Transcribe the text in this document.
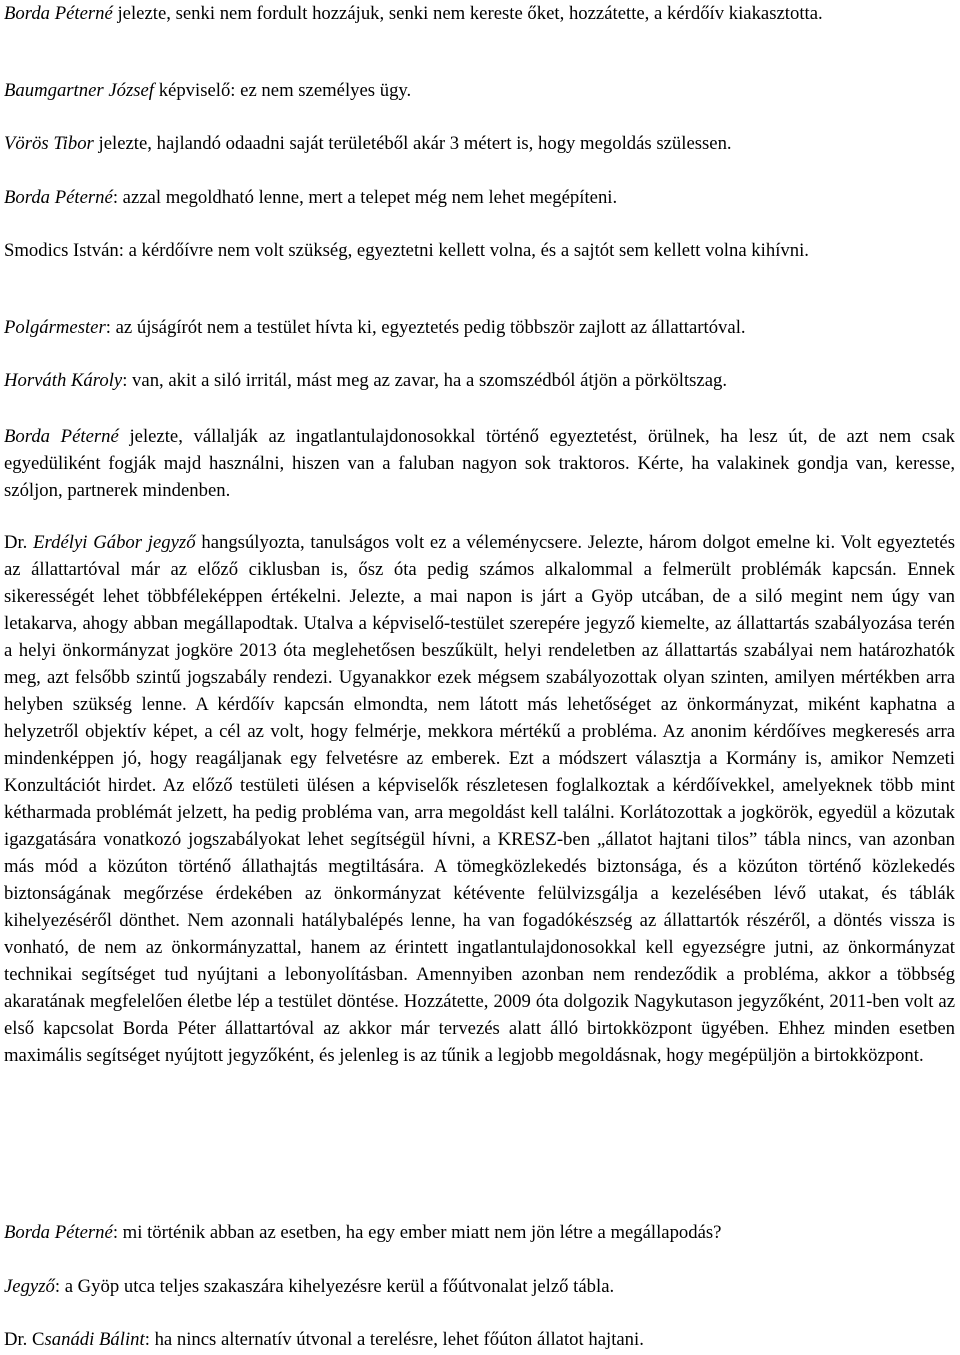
Borda Péterné jelezte, senki nem fordult hozzájuk, senki nem kereste őket, hozzátette, a kérdőív kiakasztotta.

Baumgartner József képviselő: ez nem személyes ügy.

Vörös Tibor jelezte, hajlandó odaadni saját területéből akár 3 métert is, hogy megoldás szülessen.

Borda Péterné: azzal megoldható lenne, mert a telepet még nem lehet megépíteni.

Smodics István: a kérdőívre nem volt szükség, egyeztetni kellett volna, és a sajtót sem kellett volna kihívni.

Polgármester: az újságírót nem a testület hívta ki, egyeztetés pedig többször zajlott az állattartóval.

Horváth Károly: van, akit a siló irritál, mást meg az zavar, ha a szomszédból átjön a pörköltszag.

Borda Péterné jelezte, vállalják az ingatlantulajdonosokkal történő egyeztetést, örülnek, ha lesz út, de azt nem csak egyedüliként fogják majd használni, hiszen van a faluban nagyon sok traktoros. Kérte, ha valakinek gondja van, keresse, szóljon, partnerek mindenben.

Dr. Erdélyi Gábor jegyző hangsúlyozta, tanulságos volt ez a véleménycsere. Jelezte, három dolgot emelne ki. Volt egyeztetés az állattartóval már az előző ciklusban is, ősz óta pedig számos alkalommal a felmerült problémák kapcsán. Ennek sikerességét lehet többféleképpen értékelni. Jelezte, a mai napon is járt a Gyöp utcában, de a siló megint nem úgy van letakarva, ahogy abban megállapodtak. Utalva a képviselő-testület szerepére jegyző kiemelte, az állattartás szabályozása terén a helyi önkormányzat jogköre 2013 óta meglehetősen beszűkült, helyi rendeletben az állattartás szabályai nem határozhatók meg, azt felsőbb szintű jogszabály rendezi. Ugyanakkor ezek mégsem szabályozottak olyan szinten, amilyen mértékben arra helyben szükség lenne. A kérdőív kapcsán elmondta, nem látott más lehetőséget az önkormányzat, miként kaphatna a helyzetről objektív képet, a cél az volt, hogy felmérje, mekkora mértékű a probléma. Az anonim kérdőíves megkeresés arra mindenképpen jó, hogy reagáljanak egy felvetésre az emberek. Ezt a módszert választja a Kormány is, amikor Nemzeti Konzultációt hirdet. Az előző testületi ülésen a képviselők részletesen foglalkoztak a kérdőívekkel, amelyeknek több mint kétharmada problémát jelzett, ha pedig probléma van, arra megoldást kell találni. Korlátozottak a jogkörök, egyedül a közutak igazgatására vonatkozó jogszabályokat lehet segítségül hívni, a KRESZ-ben „állatot hajtani tilos” tábla nincs, van azonban más mód a közúton történő állathajtás megtiltására. A tömegközlekedés biztonsága, és a közúton történő közlekedés biztonságának megőrzése érdekében az önkormányzat kétévente felülvizsgálja a kezelésében lévő utakat, és táblák kihelyezéséről dönthet. Nem azonnali hatálybalépés lenne, ha van fogadókészség az állattartók részéről, a döntés vissza is vonható, de nem az önkormányzattal, hanem az érintett ingatlantulajdonosokkal kell egyezségre jutni, az önkormányzat technikai segítséget tud nyújtani a lebonyolításban. Amennyiben azonban nem rendeződik a probléma, akkor a többség akaratának megfelelően életbe lép a testület döntése. Hozzátette, 2009 óta dolgozik Nagykutason jegyzőként, 2011-ben volt az első kapcsolat Borda Péter állattartóval az akkor már tervezés alatt álló birtokközpont ügyében. Ehhez minden esetben maximális segítséget nyújtott jegyzőként, és jelenleg is az tűnik a legjobb megoldásnak, hogy megépüljön a birtokközpont.

Borda Péterné: mi történik abban az esetben, ha egy ember miatt nem jön létre a megállapodás?

Jegyző: a Gyöp utca teljes szakaszára kihelyezésre kerül a főútvonalat jelző tábla.

Dr. Csanádi Bálint: ha nincs alternatív útvonal a terelésre, lehet főúton állatot hajtani.
